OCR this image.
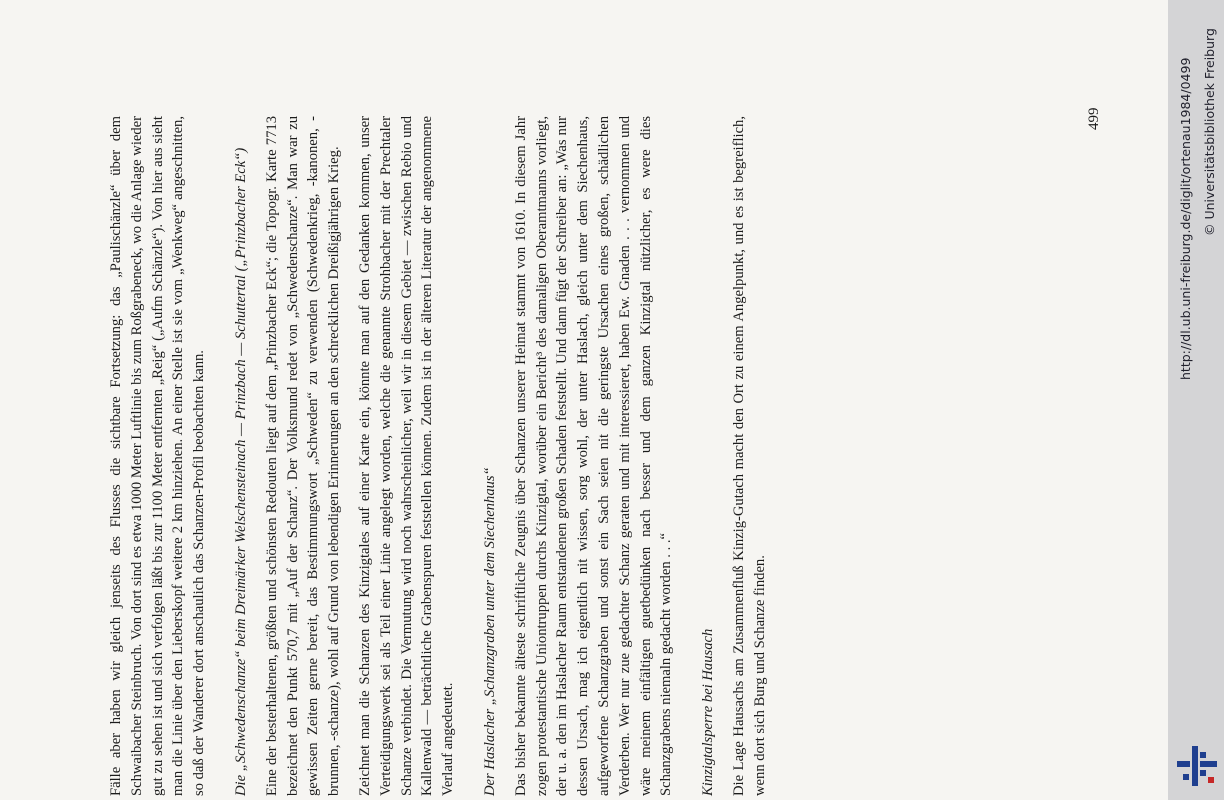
Fälle aber haben wir gleich jenseits des Flusses die sichtbare Fortsetzung: das „Paulischänzle“ über dem Schwaibacher Steinbruch. Von dort sind es etwa 1000 Meter Luftlinie bis zum Roßgrabeneck, wo die Anlage wieder gut zu sehen ist und sich verfolgen läßt bis zur 1100 Meter entfernten „Reig“ („Aufm Schänzle“). Von hier aus sieht man die Linie über den Lieberskopf weitere 2 km hinziehen. An einer Stelle ist sie vom „Wenkweg“ angeschnitten, so daß der Wanderer dort anschaulich das Schanzen-Profil beobachten kann. Die „Schwedenschanze“ beim Dreimärker Welschensteinach — Prinzbach — Schuttertal („Prinzbacher Eck“) Eine der besterhaltenen, größten und schönsten Redouten liegt auf dem „Prinzbacher Eck“; die Topogr. Karte 7713 bezeichnet den Punkt 570,7 mit „Auf der Schanz“. Der Volksmund redet von „Schwedenschanze“. Man war zu gewissen Zeiten gerne bereit, das Bestimmungswort „Schweden“ zu verwenden (Schwedenkrieg, -kanonen, -brunnen, -schanze), wohl auf Grund von lebendigen Erinnerungen an den schrecklichen Dreißigjährigen Krieg. Zeichnet man die Schanzen des Kinzigtales auf einer Karte ein, könnte man auf den Gedanken kommen, unser Verteidigungswerk sei als Teil einer Linie angelegt worden, welche die genannte Strohbacher mit der Prechtaler Schanze verbindet. Die Vermutung wird noch wahrscheinlicher, weil wir in diesem Gebiet — zwischen Rebio und Kallenwald — beträchtliche Grabenspuren feststellen können. Zudem ist in der älteren Literatur der angenommene Verlauf angedeutet. Der Haslacher „Schanzgraben unter dem Siechenhaus“ Das bisher bekannte älteste schriftliche Zeugnis über Schanzen unserer Heimat stammt von 1610. In diesem Jahr zogen protestantische Uniontruppen durchs Kinzigtal, worüber ein Bericht³ des damaligen Oberamtmanns vorliegt, der u. a. den im Haslacher Raum entstandenen großen Schaden feststellt. Und dann fügt der Schreiber an: „Was nur dessen Ursach, mag ich eigentlich nit wissen, sorg wohl, der unter Haslach, gleich unter dem Siechenhaus, aufgeworfene Schanzgraben und sonst ein Sach seien nit die geringste Ursachen eines großen, schädlichen Verderben. Wer nur zue gedachter Schanz geraten und mit interessieret, haben Ew. Gnaden . . . vernommen und wäre meinem einfältigen guetbedünken nach besser und dem ganzen Kinzigtal nützlicher, es were dies Schanzgrabens niemaln gedacht worden . . .“ Kinzigtalsperre bei Hausach Die Lage Hausachs am Zusammenfluß Kinzig-Gutach macht den Ort zu einem Angelpunkt, und es ist begreiflich, wenn dort sich Burg und Schanze finden.

499	http://dl.ub.uni-freiburg.de/diglit/ortenau1984/0499 © Universitätsbibliothek Freiburg
